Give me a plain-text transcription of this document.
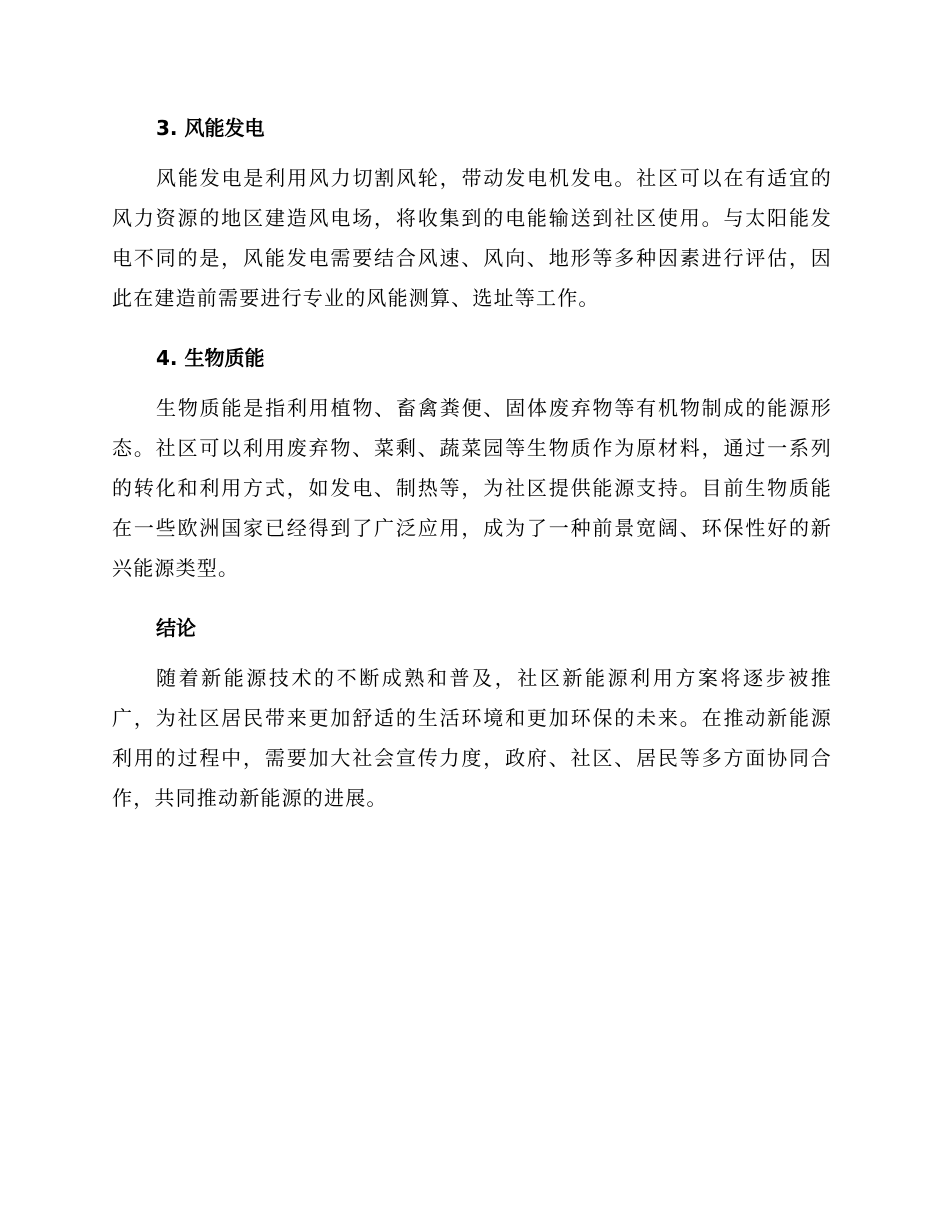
3. 风能发电

风能发电是利用风力切割风轮，带动发电机发电。社区可以在有适宜的风力资源的地区建造风电场，将收集到的电能输送到社区使用。与太阳能发电不同的是，风能发电需要结合风速、风向、地形等多种因素进行评估，因此在建造前需要进行专业的风能测算、选址等工作。

4. 生物质能

生物质能是指利用植物、畜禽粪便、固体废弃物等有机物制成的能源形态。社区可以利用废弃物、菜剩、蔬菜园等生物质作为原材料，通过一系列的转化和利用方式，如发电、制热等，为社区提供能源支持。目前生物质能在一些欧洲国家已经得到了广泛应用，成为了一种前景宽阔、环保性好的新兴能源类型。

结论

随着新能源技术的不断成熟和普及，社区新能源利用方案将逐步被推广，为社区居民带来更加舒适的生活环境和更加环保的未来。在推动新能源利用的过程中，需要加大社会宣传力度，政府、社区、居民等多方面协同合作，共同推动新能源的进展。
